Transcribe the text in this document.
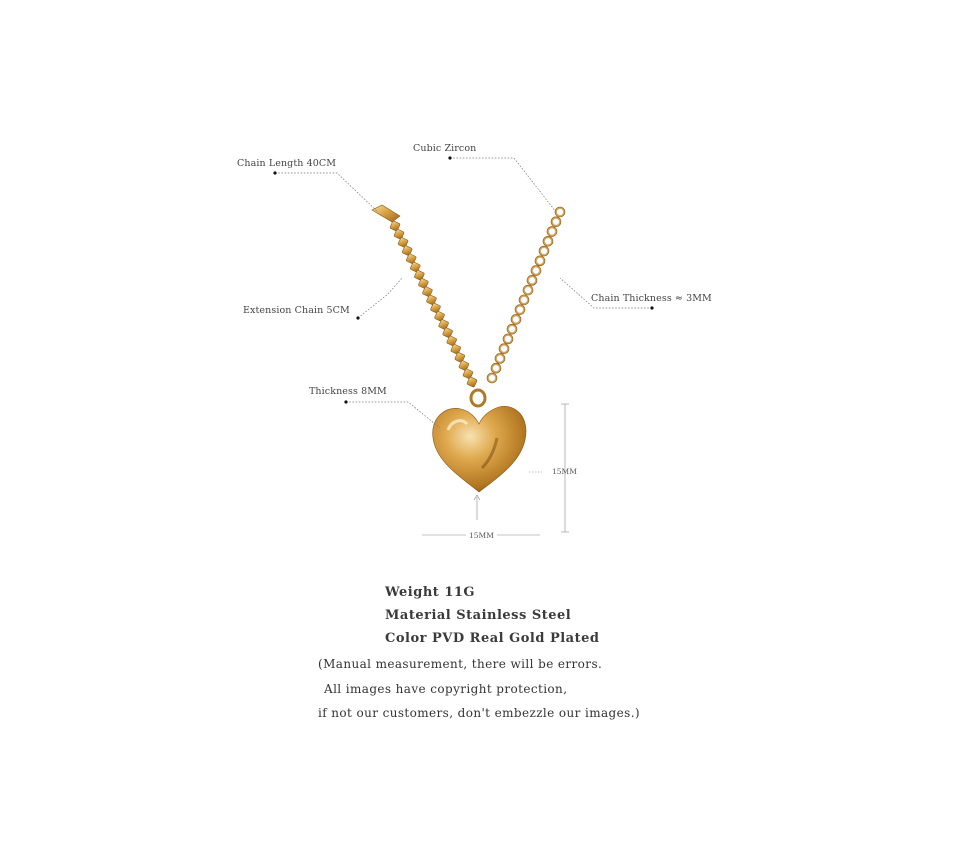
Chain Length 40CM
Cubic Zircon
Extension Chain 5CM
Chain Thickness ≈ 3MM
Thickness 8MM
15MM
15MM
Weight 11G
Material Stainless Steel
Color PVD Real Gold Plated
(Manual measurement, there will be errors.
All images have copyright protection,
if not our customers, don't embezzle our images.)
